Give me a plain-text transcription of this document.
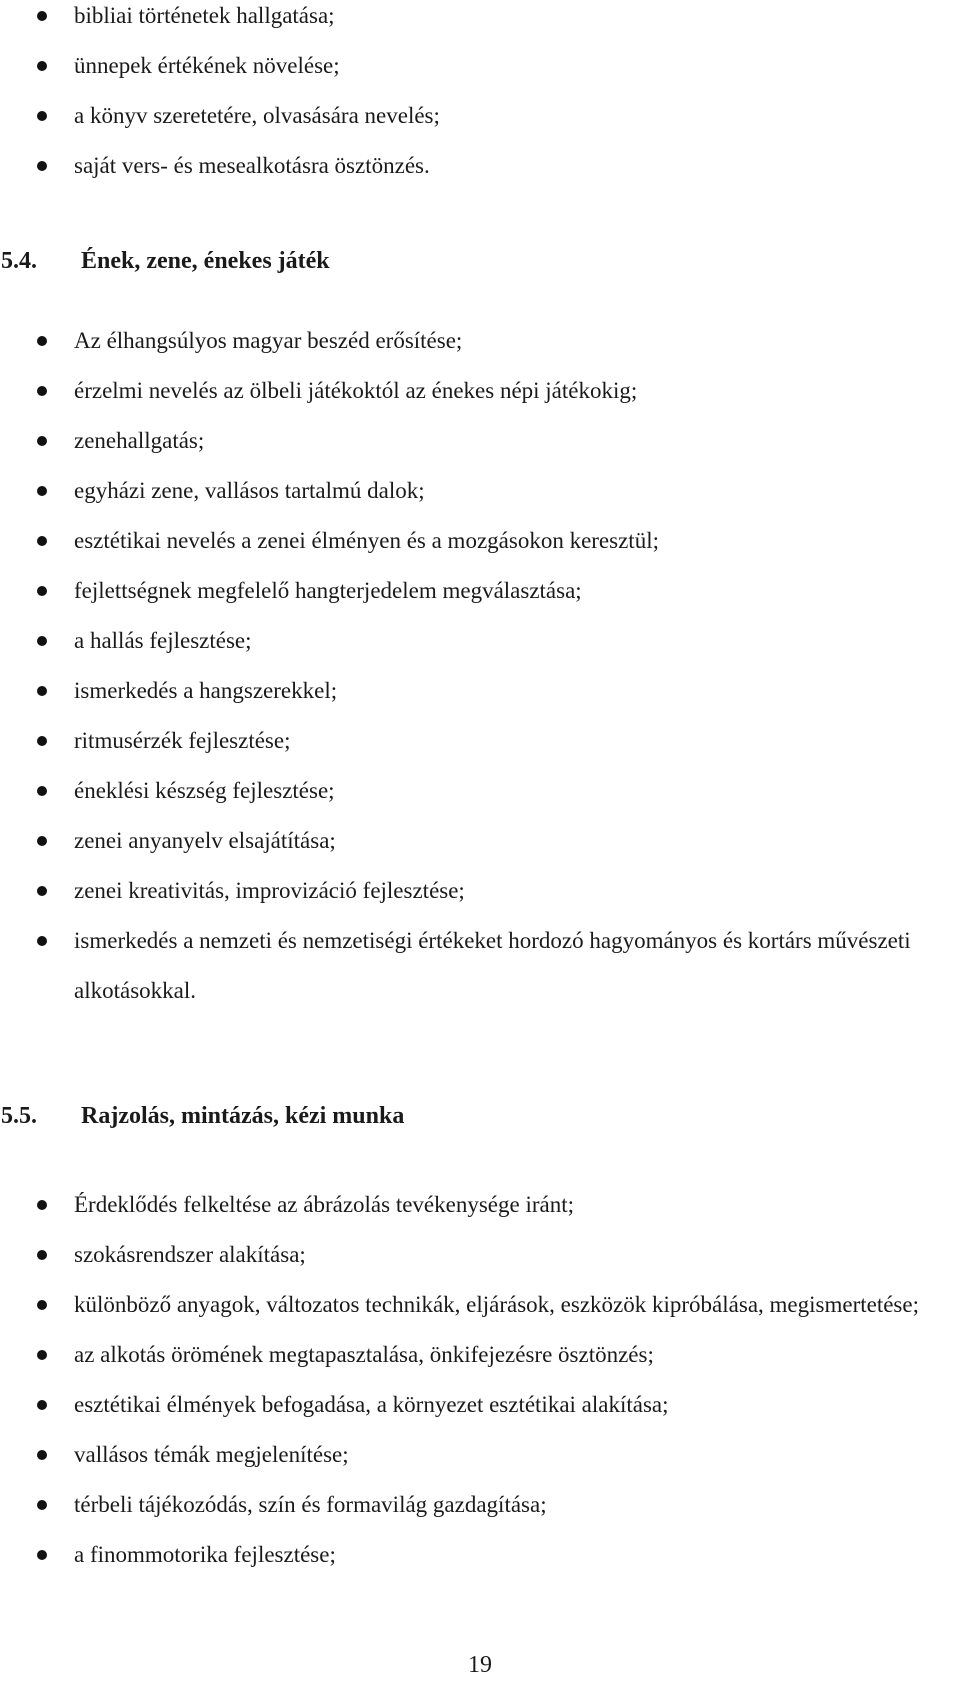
bibliai történetek hallgatása;
ünnepek értékének növelése;
a könyv szeretetére, olvasására nevelés;
saját vers- és mesealkotásra ösztönzés.
5.4. Ének, zene, énekes játék
Az élhangsúlyos magyar beszéd erősítése;
érzelmi nevelés az ölbeli játékoktól az énekes népi játékokig;
zenehallgatás;
egyházi zene, vallásos tartalmú dalok;
esztétikai nevelés a zenei élményen és a mozgásokon keresztül;
fejlettségnek megfelelő hangterjedelem megválasztása;
a hallás fejlesztése;
ismerkedés a hangszerekkel;
ritmusérzék fejlesztése;
éneklési készség fejlesztése;
zenei anyanyelv elsajátítása;
zenei kreativitás, improvizáció fejlesztése;
ismerkedés a nemzeti és nemzetiségi értékeket hordozó hagyományos és kortárs művészeti alkotásokkal.
5.5. Rajzolás, mintázás, kézi munka
Érdeklődés felkeltése az ábrázolás tevékenysége iránt;
szokásrendszer alakítása;
különböző anyagok, változatos technikák, eljárások, eszközök kipróbálása, megismertetése;
az alkotás örömének megtapasztalása, önkifejezésre ösztönzés;
esztétikai élmények befogadása, a környezet esztétikai alakítása;
vallásos témák megjelenítése;
térbeli tájékozódás, szín és formavilág gazdagítása;
a finommotorika fejlesztése;
19
